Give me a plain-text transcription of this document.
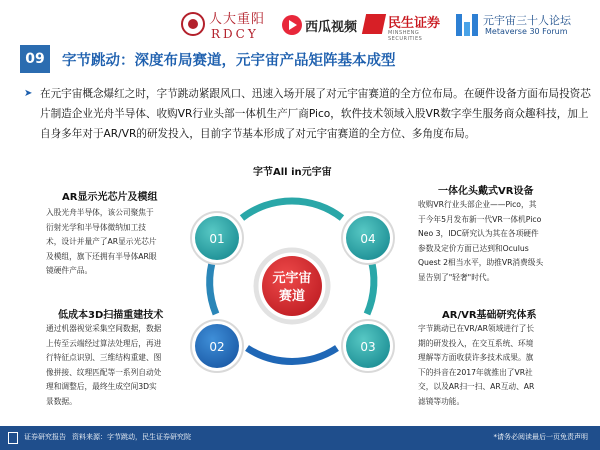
人大重阳
RDCY	西瓜视频 民生证券
MINSHENG SECURITIES
元宇宙三十人论坛
Metaverse 30 Forum
09	字节跳动：深度布局赛道，元宇宙产品矩阵基本成型
➤ 在元宇宙概念爆红之时，字节跳动紧跟风口、迅速入场开展了对元宇宙赛道的全方位布局。在硬件设备方面布局投资芯片制造企业光舟半导体、收购VR行业头部一体机生产厂商Pico，软件技术领域入股VR数字孪生服务商众趣科技，加上自身多年对于AR/VR的研发投入，目前字节基本形成了对元宇宙赛道的全方位、多角度布局。

字节All in元宇宙
AR显示光芯片及模组
入股光舟半导体，该公司聚焦于
衍射光学和半导体微纳加工技
术，设计并量产了AR显示光芯片
及模组，旗下还拥有半导体AR眼
镜硬件产品。
低成本3D扫描重建技术
通过机器视觉采集空间数据，数据
上传至云端经过算法处理后，再进
行特征点识别、三维结构重建、图
像拼接、纹理匹配等一系列自动处
理和调整后，最终生成空间3D实
景数据。
一体化头戴式VR设备
收购VR行业头部企业——Pico，其
于今年5月发布新一代VR一体机Pico
Neo 3，IDC研究认为其在各项硬件
参数及定价方面已达到和Oculus
Quest 2相当水平，助推VR消费级头
显告别了"轻奢"时代。
AR/VR基础研究体系
字节跳动已在VR/AR领域进行了长
期的研发投入，在交互系统、环境
理解等方面收获许多技术成果。旗
下的抖音在2017年就推出了VR社
交，以及AR扫一扫、AR互动、AR
滤镜等功能。
元宇宙
赛道
01	04
02	03
证券研究报告 资料来源：字节跳动，民生证券研究院	*请务必阅读最后一页免责声明
